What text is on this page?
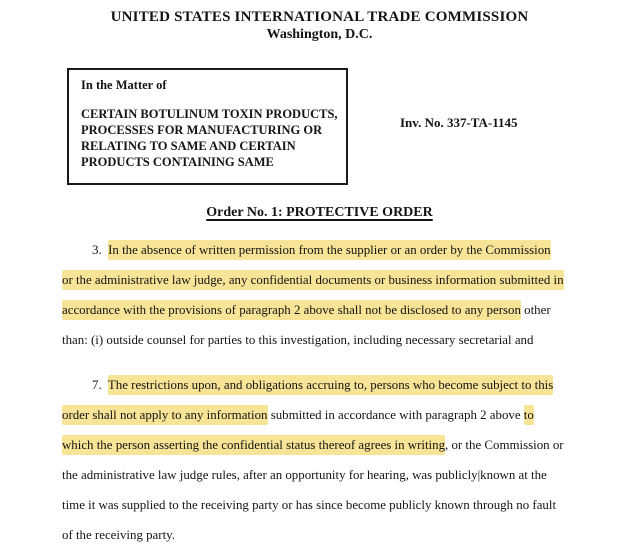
UNITED STATES INTERNATIONAL TRADE COMMISSION
Washington, D.C.
In the Matter of
CERTAIN BOTULINUM TOXIN PRODUCTS,
PROCESSES FOR MANUFACTURING OR
RELATING TO SAME AND CERTAIN
PRODUCTS CONTAINING SAME
Inv. No. 337-TA-1145
Order No. 1: PROTECTIVE ORDER
3.  In the absence of written permission from the supplier or an order by the Commission
or the administrative law judge, any confidential documents or business information submitted in
accordance with the provisions of paragraph 2 above shall not be disclosed to any person other
than: (i) outside counsel for parties to this investigation, including necessary secretarial and
7.  The restrictions upon, and obligations accruing to, persons who become subject to this
order shall not apply to any information submitted in accordance with paragraph 2 above to
which the person asserting the confidential status thereof agrees in writing, or the Commission or
the administrative law judge rules, after an opportunity for hearing, was publicly|known at the
time it was supplied to the receiving party or has since become publicly known through no fault
of the receiving party.
